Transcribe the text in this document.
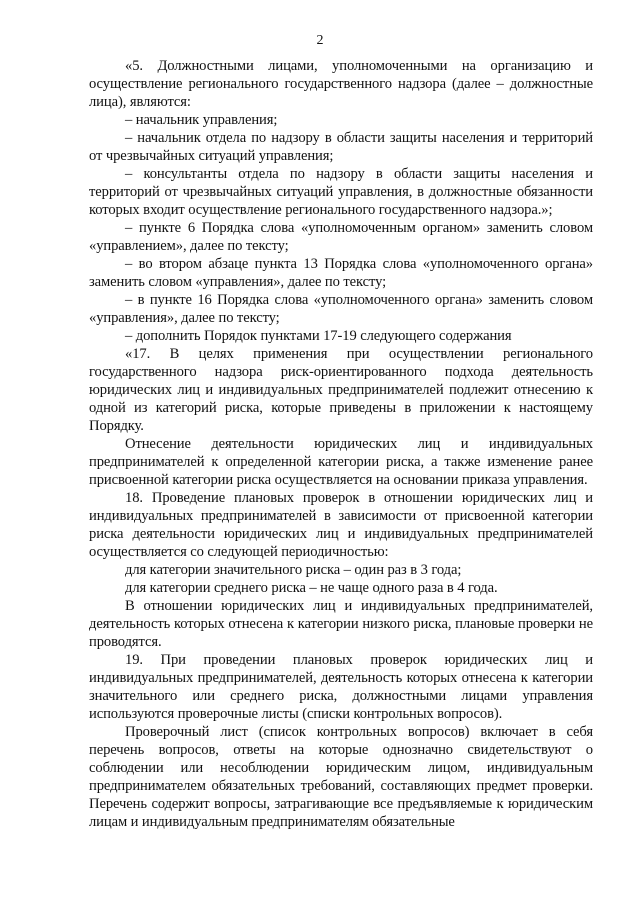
2

«5. Должностными лицами, уполномоченными на организацию и осуществление регионального государственного надзора (далее – должностные лица), являются:

– начальник управления;

– начальник отдела по надзору в области защиты населения и территорий от чрезвычайных ситуаций управления;

– консультанты отдела по надзору в области защиты населения и территорий от чрезвычайных ситуаций управления, в должностные обязанности которых входит осуществление регионального государственного надзора.»;

– пункте 6 Порядка слова «уполномоченным органом» заменить словом «управлением», далее по тексту;

– во втором абзаце пункта 13 Порядка слова «уполномоченного органа» заменить словом «управления», далее по тексту;

– в пункте 16 Порядка слова «уполномоченного органа» заменить словом «управления», далее по тексту;

– дополнить Порядок пунктами 17-19 следующего содержания

«17. В целях применения при осуществлении регионального государственного надзора риск-ориентированного подхода деятельность юридических лиц и индивидуальных предпринимателей подлежит отнесению к одной из категорий риска, которые приведены в приложении к настоящему Порядку.

Отнесение деятельности юридических лиц и индивидуальных предпринимателей к определенной категории риска, а также изменение ранее присвоенной категории риска осуществляется на основании приказа управления.

18. Проведение плановых проверок в отношении юридических лиц и индивидуальных предпринимателей в зависимости от присвоенной категории риска деятельности юридических лиц и индивидуальных предпринимателей осуществляется со следующей периодичностью:

для категории значительного риска – один раз в 3 года;

для категории среднего риска – не чаще одного раза в 4 года.

В отношении юридических лиц и индивидуальных предпринимателей, деятельность которых отнесена к категории низкого риска, плановые проверки не проводятся.

19. При проведении плановых проверок юридических лиц и индивидуальных предпринимателей, деятельность которых отнесена к категории значительного или среднего риска, должностными лицами управления используются проверочные листы (списки контрольных вопросов).

Проверочный лист (список контрольных вопросов) включает в себя перечень вопросов, ответы на которые однозначно свидетельствуют о соблюдении или несоблюдении юридическим лицом, индивидуальным предпринимателем обязательных требований, составляющих предмет проверки. Перечень содержит вопросы, затрагивающие все предъявляемые к юридическим лицам и индивидуальным предпринимателям обязательные
